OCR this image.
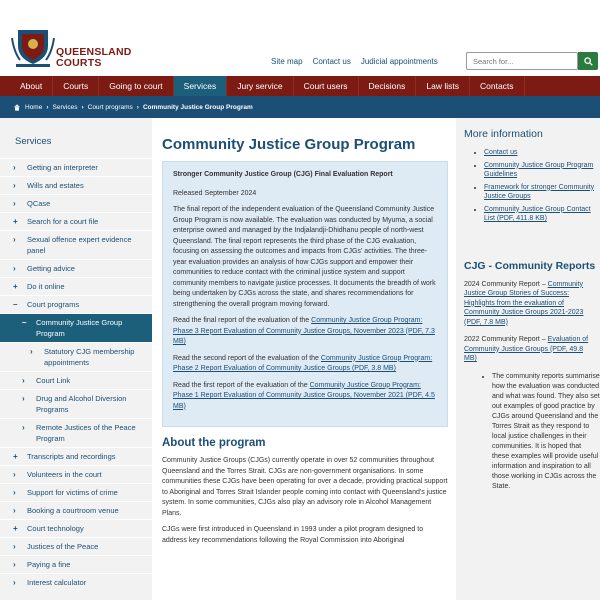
QUEENSLAND
COURTS	Site map Contact us Judicial appointments
Search for...
About	Courts	Going to court	Services	Jury service	Court users	Decisions	Law lists	Contacts
Home › Services › Court programs › Community Justice Group Program
Services
›	Getting an interpreter
›	Wills and estates
›	QCase
+	Search for a court file
›	Sexual offence expert evidence panel
›	Getting advice
+	Do it online
–	Court programs
–	Community Justice Group Program
›	Statutory CJG membership appointments
›	Court Link
›	Drug and Alcohol Diversion Programs
›	Remote Justices of the Peace Program
+	Transcripts and recordings
›	Volunteers in the court
›	Support for victims of crime
›	Booking a courtroom venue
+	Court technology
›	Justices of the Peace
›	Paying a fine
›	Interest calculator
Community Justice Group Program
Stronger Community Justice Group (CJG) Final Evaluation Report

Released September 2024

The final report of the independent evaluation of the Queensland Community Justice Group Program is now available. The evaluation was conducted by Myuma, a social enterprise owned and managed by the Indjalandji-Dhidhanu people of north-west Queensland. The final report represents the third phase of the CJG evaluation, focusing on assessing the outcomes and impacts from CJGs' activities. The three-year evaluation provides an analysis of how CJGs support and empower their communities to reduce contact with the criminal justice system and support community members to navigate justice processes. It documents the breadth of work being undertaken by CJGs across the state, and shares recommendations for strengthening the overall program moving forward.

Read the final report of the evaluation of the Community Justice Group Program: Phase 3 Report Evaluation of Community Justice Groups, November 2023 (PDF, 7.3 MB)

Read the second report of the evaluation of the Community Justice Group Program: Phase 2 Report Evaluation of Community Justice Groups (PDF, 3.8 MB)

Read the first report of the evaluation of the Community Justice Group Program: Phase 1 Report Evaluation of Community Justice Groups, November 2021 (PDF, 4.5 MB)

About the program

Community Justice Groups (CJGs) currently operate in over 52 communities throughout Queensland and the Torres Strait. CJGs are non-government organisations. In some communities these CJGs have been operating for over a decade, providing practical support to Aboriginal and Torres Strait Islander people coming into contact with Queensland's justice system. In some communities, CJGs also play an advisory role in Alcohol Management Plans.

CJGs were first introduced in Queensland in 1993 under a pilot program designed to address key recommendations following the Royal Commission into Aboriginal

More information
• Contact us
• Community Justice Group Program Guidelines
• Framework for stronger Community Justice Groups
• Community Justice Group Contact List (PDF, 411.8 KB)
CJG - Community Reports

2024 Community Report – Community Justice Group Stories of Success: Highlights from the evaluation of Community Justice Groups 2021-2023 (PDF, 7.8 MB)

2022 Community Report – Evaluation of Community Justice Groups (PDF, 49.8 MB)

• The community reports summarise how the evaluation was conducted and what was found. They also set out examples of good practice by CJGs around Queensland and the Torres Strait as they respond to local justice challenges in their communities. It is hoped that these examples will provide useful information and inspiration to all those working in CJGs across the State.
